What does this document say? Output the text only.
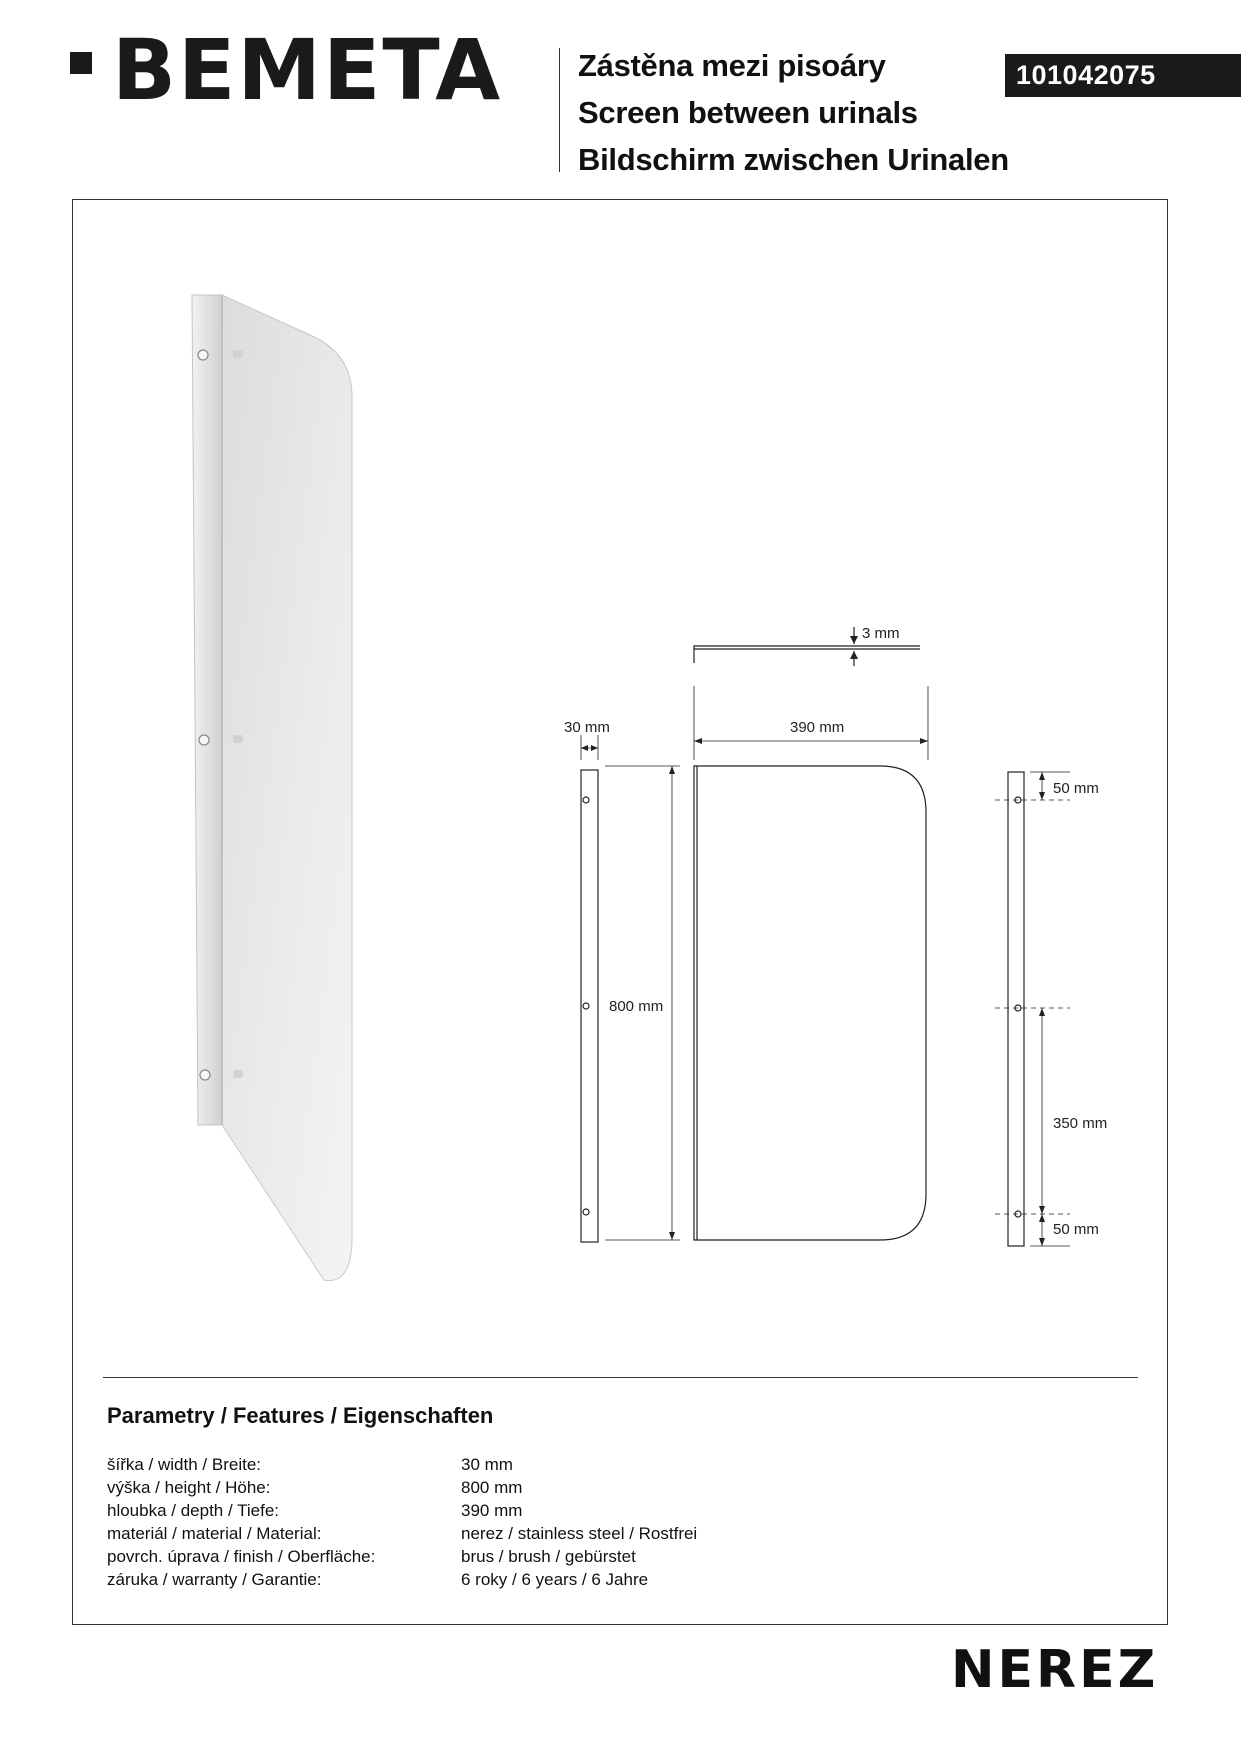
BEMETA Zástěna mezi pisoáry
Screen between urinals
Bildschirm zwischen Urinalen
101042075
3 mm
30 mm	390 mm
800 mm
50 mm
350 mm
50 mm
Parametry / Features / Eigenschaften
šířka / width / Breite:	30 mm
výška / height / Höhe:	800 mm
hloubka / depth / Tiefe:	390 mm
materiál / material / Material:	nerez / stainless steel / Rostfrei
povrch. úprava / finish / Oberfläche:	brus / brush / gebürstet
záruka / warranty / Garantie:	6 roky / 6 years / 6 Jahre
NEREZ
